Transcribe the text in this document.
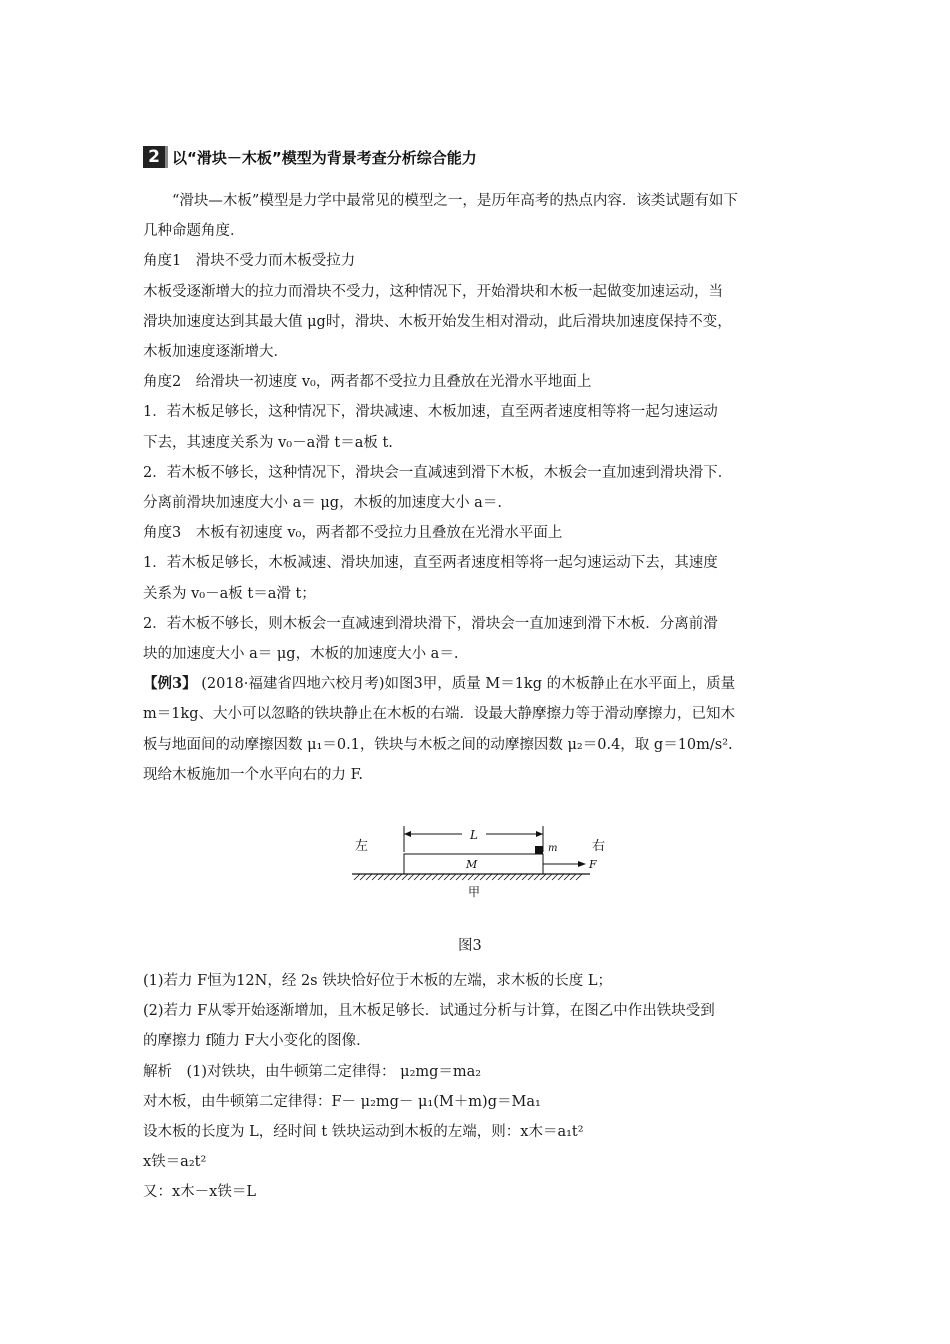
2 以“滑块－木板”模型为背景考查分析综合能力

“滑块—木板”模型是力学中最常见的模型之一，是历年高考的热点内容．该类试题有如下

几种命题角度．

角度1　滑块不受力而木板受拉力

木板受逐渐增大的拉力而滑块不受力，这种情况下，开始滑块和木板一起做变加速运动，当

滑块加速度达到其最大值 μg时，滑块、木板开始发生相对滑动，此后滑块加速度保持不变，

木板加速度逐渐增大．

角度2　给滑块一初速度 v₀，两者都不受拉力且叠放在光滑水平地面上

1．若木板足够长，这种情况下，滑块减速、木板加速，直至两者速度相等将一起匀速运动

下去，其速度关系为 v₀－a滑 t＝a板 t.

2．若木板不够长，这种情况下，滑块会一直减速到滑下木板，木板会一直加速到滑块滑下．

分离前滑块加速度大小 a＝ μg，木板的加速度大小 a＝.

角度3　木板有初速度 v₀，两者都不受拉力且叠放在光滑水平面上

1．若木板足够长，木板减速、滑块加速，直至两者速度相等将一起匀速运动下去，其速度

关系为 v₀－a板 t＝a滑 t；

2．若木板不够长，则木板会一直减速到滑块滑下，滑块会一直加速到滑下木板．分离前滑

块的加速度大小 a＝ μg，木板的加速度大小 a＝.

【例3】 (2018·福建省四地六校月考)如图3甲，质量 M＝1kg 的木板静止在水平面上，质量

m＝1kg、大小可以忽略的铁块静止在木板的右端．设最大静摩擦力等于滑动摩擦力，已知木

板与地面间的动摩擦因数 μ₁＝0.1，铁块与木板之间的动摩擦因数 μ₂＝0.4，取 g＝10m/s².

现给木板施加一个水平向右的力 F.

左	右
L
M
m
F
甲
图3

(1)若力 F恒为12N，经 2s 铁块恰好位于木板的左端，求木板的长度 L；

(2)若力 F从零开始逐渐增加，且木板足够长．试通过分析与计算，在图乙中作出铁块受到

的摩擦力 f随力 F大小变化的图像．

解析　(1)对铁块，由牛顿第二定律得： μ₂mg＝ma₂

对木板，由牛顿第二定律得：F－ μ₂mg－ μ₁(M＋m)g＝Ma₁

设木板的长度为 L，经时间 t 铁块运动到木板的左端，则：x木＝a₁t²

x铁＝a₂t²

又：x木－x铁＝L
